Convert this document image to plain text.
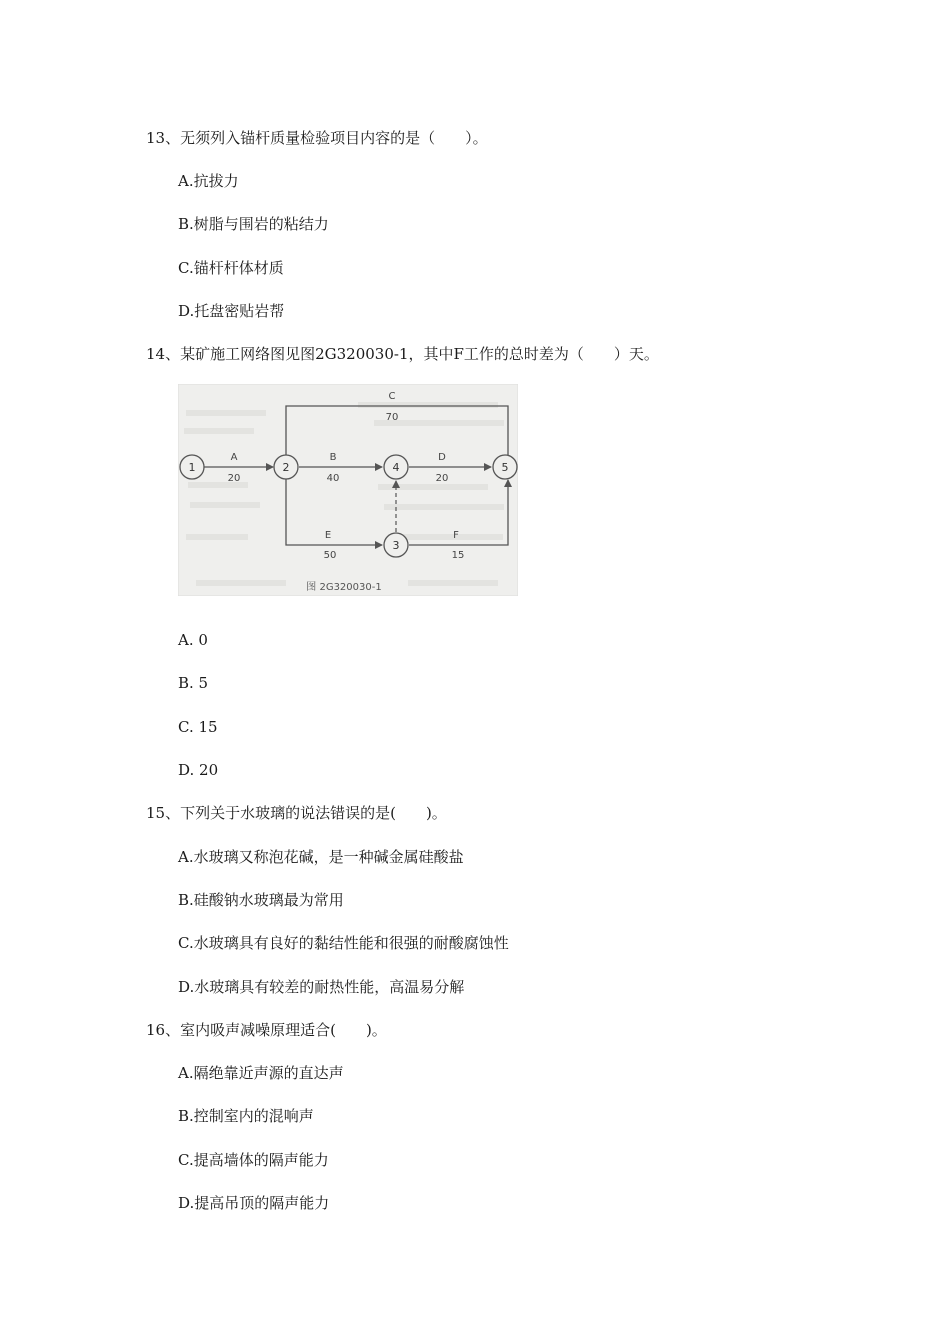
13、无须列入锚杆质量检验项目内容的是（　　）。
A.抗拔力
B.树脂与围岩的粘结力
C.锚杆杆体材质
D.托盘密贴岩帮
14、某矿施工网络图见图2G320030-1，其中F工作的总时差为（　　）天。
1	2	4	5
3
A
20
B
40
C
70
D
20
E
50
F
15
图 2G320030-1
A. 0
B. 5
C. 15
D. 20
15、下列关于水玻璃的说法错误的是(　　)。
A.水玻璃又称泡花碱，是一种碱金属硅酸盐
B.硅酸钠水玻璃最为常用
C.水玻璃具有良好的黏结性能和很强的耐酸腐蚀性
D.水玻璃具有较差的耐热性能，高温易分解
16、室内吸声减噪原理适合(　　)。
A.隔绝靠近声源的直达声
B.控制室内的混响声
C.提高墙体的隔声能力
D.提高吊顶的隔声能力
